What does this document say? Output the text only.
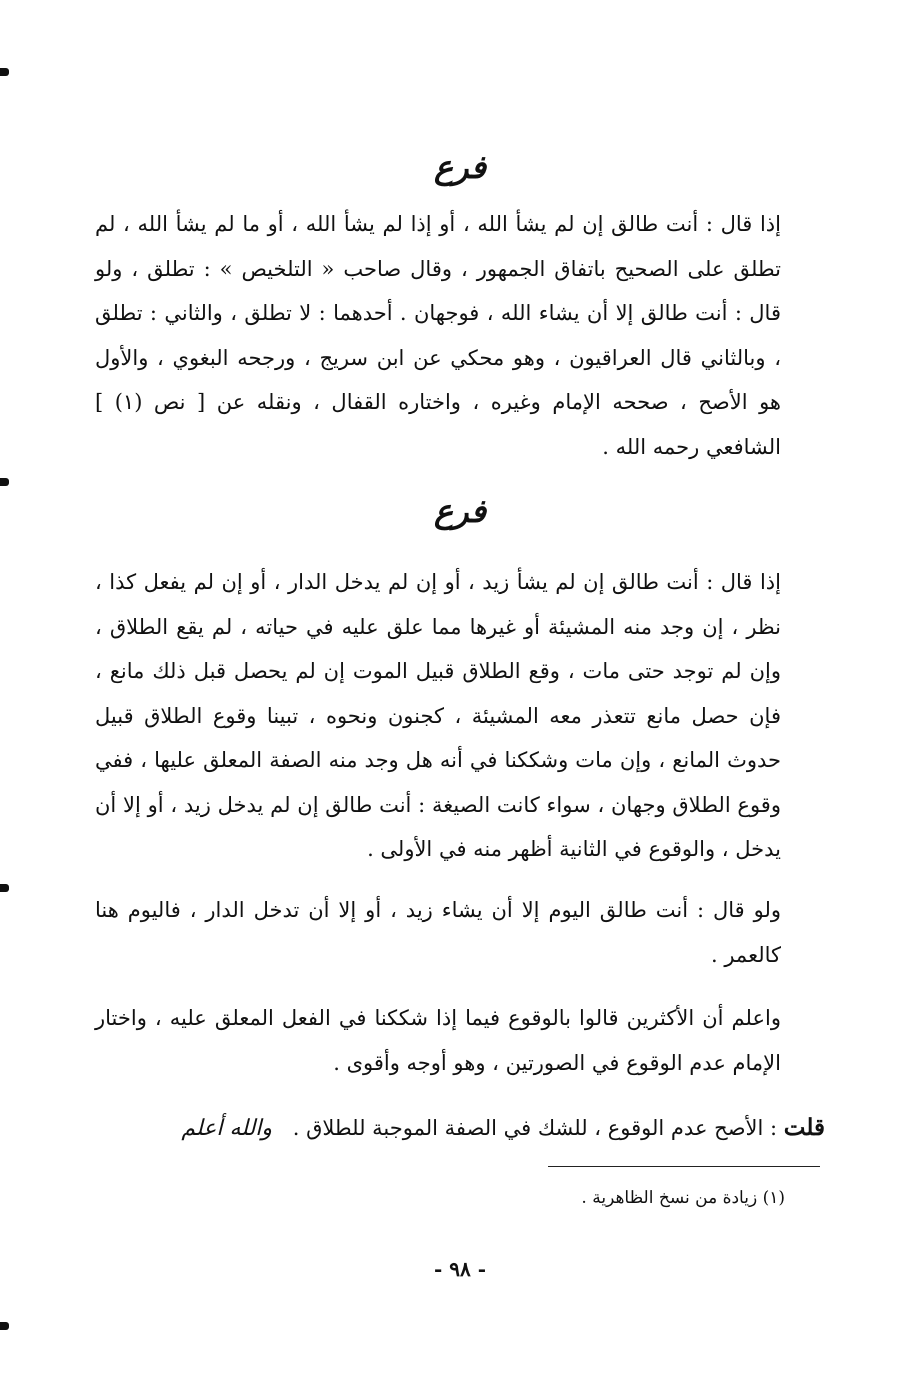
فرع
إذا قال : أنت طالق إن لم يشأ الله ، أو إذا لم يشأ الله ، أو ما لم يشأ الله ، لم تطلق على الصحيح باتفاق الجمهور ، وقال صاحب « التلخيص » : تطلق ، ولو قال : أنت طالق إلا أن يشاء الله ، فوجهان . أحدهما : لا تطلق ، والثاني : تطلق ، وبالثاني قال العراقيون ، وهو محكي عن ابن سريج ، ورجحه البغوي ، والأول هو الأصح ، صححه الإمام وغيره ، واختاره القفال ، ونقله عن [ نص (١) ] الشافعي رحمه الله .
فرع
إذا قال : أنت طالق إن لم يشأ زيد ، أو إن لم يدخل الدار ، أو إن لم يفعل كذا ، نظر ، إن وجد منه المشيئة أو غيرها مما علق عليه في حياته ، لم يقع الطلاق ، وإن لم توجد حتى مات ، وقع الطلاق قبيل الموت إن لم يحصل قبل ذلك مانع ، فإن حصل مانع تتعذر معه المشيئة ، كجنون ونحوه ، تبينا وقوع الطلاق قبيل حدوث المانع ، وإن مات وشككنا في أنه هل وجد منه الصفة المعلق عليها ، ففي وقوع الطلاق وجهان ، سواء كانت الصيغة : أنت طالق إن لم يدخل زيد ، أو إلا أن يدخل ، والوقوع في الثانية أظهر منه في الأولى .
ولو قال : أنت طالق اليوم إلا أن يشاء زيد ، أو إلا أن تدخل الدار ، فاليوم هنا كالعمر .
واعلم أن الأكثرين قالوا بالوقوع فيما إذا شككنا في الفعل المعلق عليه ، واختار الإمام عدم الوقوع في الصورتين ، وهو أوجه وأقوى .
قلت : الأصح عدم الوقوع ، للشك في الصفة الموجبة للطلاق . والله أعلم
(١) زيادة من نسخ الظاهرية .
- ٩٨ -
